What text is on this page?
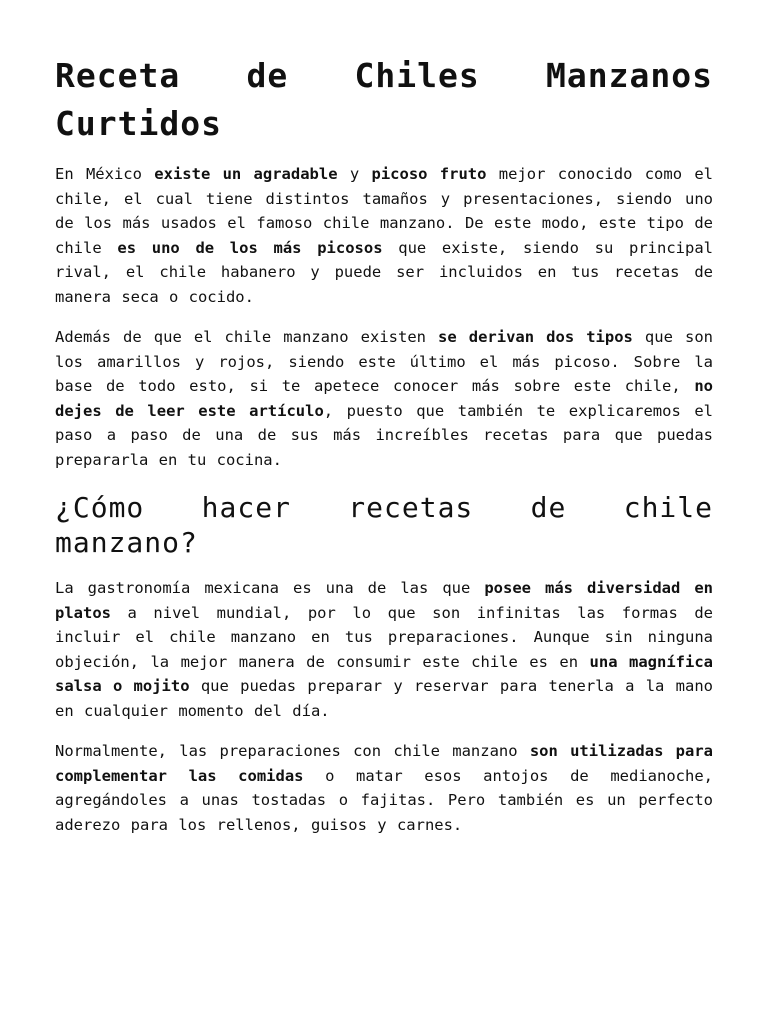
Receta de Chiles Manzanos Curtidos

En México existe un agradable y picoso fruto mejor conocido como el chile, el cual tiene distintos tamaños y presentaciones, siendo uno de los más usados el famoso chile manzano. De este modo, este tipo de chile es uno de los más picosos que existe, siendo su principal rival, el chile habanero y puede ser incluidos en tus recetas de manera seca o cocido.

Además de que el chile manzano existen se derivan dos tipos que son los amarillos y rojos, siendo este último el más picoso. Sobre la base de todo esto, si te apetece conocer más sobre este chile, no dejes de leer este artículo, puesto que también te explicaremos el paso a paso de una de sus más increíbles recetas para que puedas prepararla en tu cocina.

¿Cómo hacer recetas de chile manzano?

La gastronomía mexicana es una de las que posee más diversidad en platos a nivel mundial, por lo que son infinitas las formas de incluir el chile manzano en tus preparaciones. Aunque sin ninguna objeción, la mejor manera de consumir este chile es en una magnífica salsa o mojito que puedas preparar y reservar para tenerla a la mano en cualquier momento del día.

Normalmente, las preparaciones con chile manzano son utilizadas para complementar las comidas o matar esos antojos de medianoche, agregándoles a unas tostadas o fajitas. Pero también es un perfecto aderezo para los rellenos, guisos y carnes.
